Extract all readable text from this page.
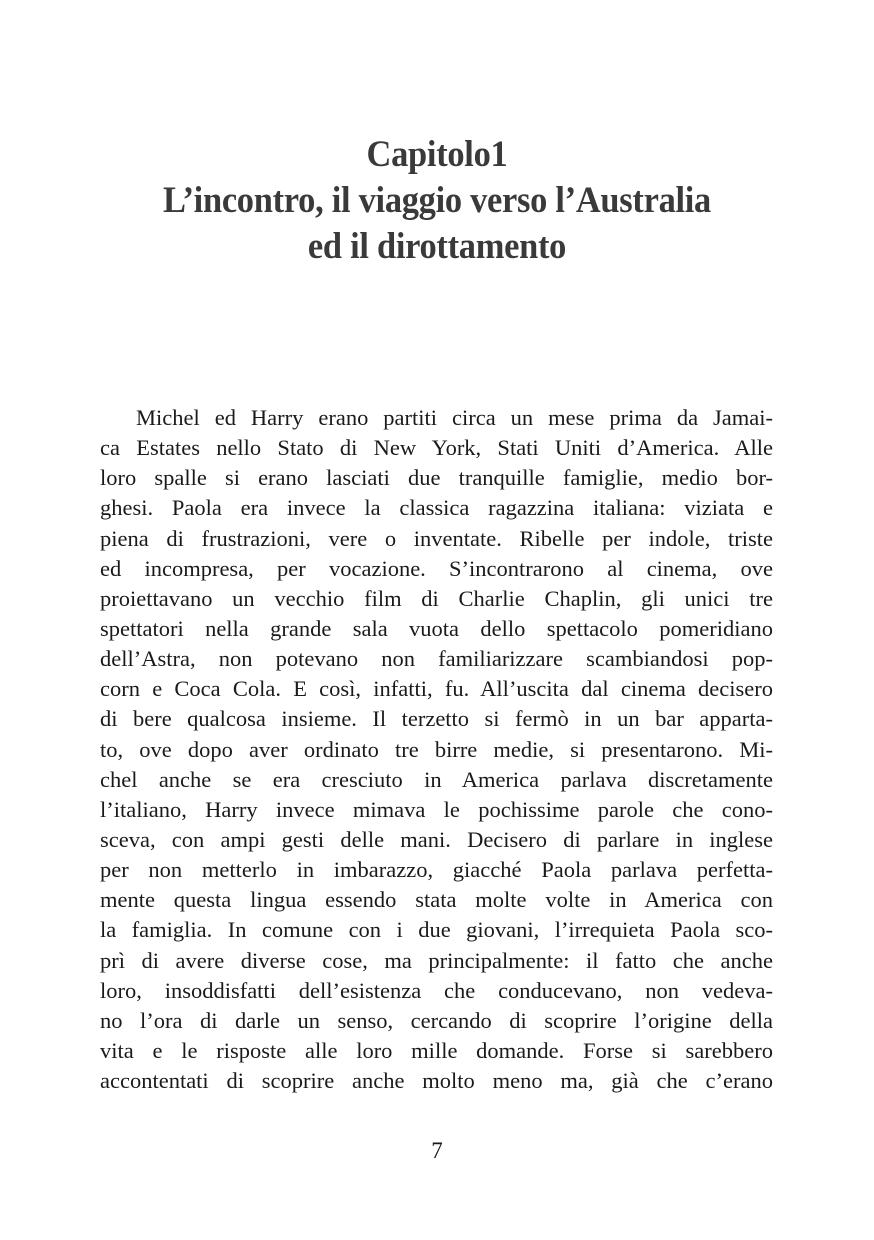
Capitolo1
L’incontro, il viaggio verso l’Australia
ed il dirottamento
Michel ed Harry erano partiti circa un mese prima da Jamai-
ca Estates nello Stato di New York, Stati Uniti d’America. Alle
loro spalle si erano lasciati due tranquille famiglie, medio bor-
ghesi. Paola era invece la classica ragazzina italiana: viziata e
piena di frustrazioni, vere o inventate. Ribelle per indole, triste
ed incompresa, per vocazione. S’incontrarono al cinema, ove
proiettavano un vecchio film di Charlie Chaplin, gli unici tre
spettatori nella grande sala vuota dello spettacolo pomeridiano
dell’Astra, non potevano non familiarizzare scambiandosi pop-
corn e Coca Cola. E così, infatti, fu. All’uscita dal cinema decisero
di bere qualcosa insieme. Il terzetto si fermò in un bar apparta-
to, ove dopo aver ordinato tre birre medie, si presentarono. Mi-
chel anche se era cresciuto in America parlava discretamente
l’italiano, Harry invece mimava le pochissime parole che cono-
sceva, con ampi gesti delle mani. Decisero di parlare in inglese
per non metterlo in imbarazzo, giacché Paola parlava perfetta-
mente questa lingua essendo stata molte volte in America con
la famiglia. In comune con i due giovani, l’irrequieta Paola sco-
prì di avere diverse cose, ma principalmente: il fatto che anche
loro, insoddisfatti dell’esistenza che conducevano, non vedeva-
no l’ora di darle un senso, cercando di scoprire l’origine della
vita e le risposte alle loro mille domande. Forse si sarebbero
accontentati di scoprire anche molto meno ma, già che c’erano
7
